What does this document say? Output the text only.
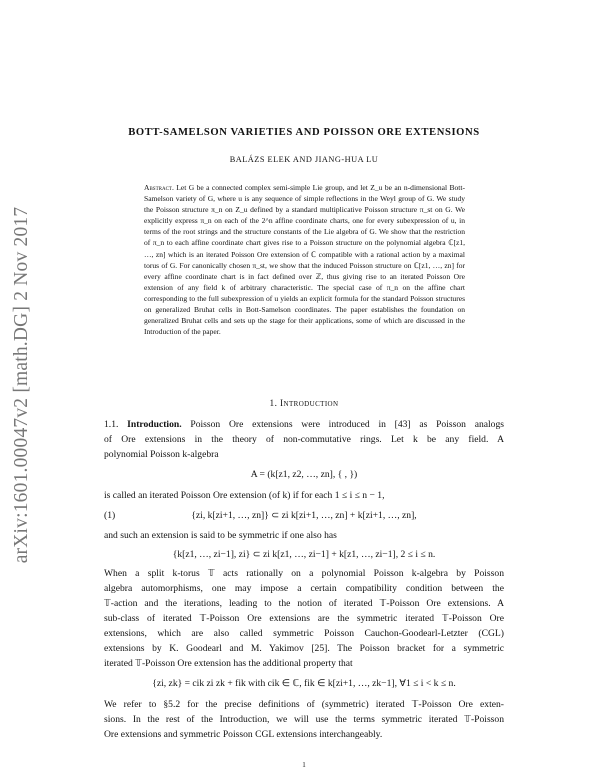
arXiv:1601.00047v2 [math.DG] 2 Nov 2017
BOTT-SAMELSON VARIETIES AND POISSON ORE EXTENSIONS
BALÁZS ELEK AND JIANG-HUA LU
Abstract. Let G be a connected complex semi-simple Lie group, and let Z_u be an n-dimensional Bott-Samelson variety of G, where u is any sequence of simple reflections in the Weyl group of G. We study the Poisson structure π_n on Z_u defined by a standard multiplicative Poisson structure π_st on G. We explicitly express π_n on each of the 2^n affine coordinate charts, one for every subexpression of u, in terms of the root strings and the structure constants of the Lie algebra of G. We show that the restriction of π_n to each affine coordinate chart gives rise to a Poisson structure on the polynomial algebra ℂ[z1, …, zn] which is an iterated Poisson Ore extension of ℂ compatible with a rational action by a maximal torus of G. For canonically chosen π_st, we show that the induced Poisson structure on ℂ[z1, …, zn] for every affine coordinate chart is in fact defined over ℤ, thus giving rise to an iterated Poisson Ore extension of any field k of arbitrary characteristic. The special case of π_n on the affine chart corresponding to the full subexpression of u yields an explicit formula for the standard Poisson structures on generalized Bruhat cells in Bott-Samelson coordinates. The paper establishes the foundation on generalized Bruhat cells and sets up the stage for their applications, some of which are discussed in the Introduction of the paper.
1. Introduction
1.1. Introduction. Poisson Ore extensions were introduced in [43] as Poisson analogs
of Ore extensions in the theory of non-commutative rings. Let k be any field. A
polynomial Poisson k-algebra
A = (k[z1, z2, …, zn], { , })
is called an iterated Poisson Ore extension (of k) if for each 1 ≤ i ≤ n − 1,
(1)	{zi, k[zi+1, …, zn]} ⊂ zi k[zi+1, …, zn] + k[zi+1, …, zn],
and such an extension is said to be symmetric if one also has
{k[z1, …, zi−1], zi} ⊂ zi k[z1, …, zi−1] + k[z1, …, zi−1], 2 ≤ i ≤ n.
When a split k-torus 𝕋 acts rationally on a polynomial Poisson k-algebra by Poisson
algebra automorphisms, one may impose a certain compatibility condition between the
𝕋-action and the iterations, leading to the notion of iterated 𝕋-Poisson Ore extensions. A
sub-class of iterated 𝕋-Poisson Ore extensions are the symmetric iterated 𝕋-Poisson Ore
extensions, which are also called symmetric Poisson Cauchon-Goodearl-Letzter (CGL)
extensions by K. Goodearl and M. Yakimov [25]. The Poisson bracket for a symmetric
iterated 𝕋-Poisson Ore extension has the additional property that
{zi, zk} = cik zi zk + fik with cik ∈ ℂ, fik ∈ k[zi+1, …, zk−1], ∀1 ≤ i < k ≤ n.
We refer to §5.2 for the precise definitions of (symmetric) iterated 𝕋-Poisson Ore exten-
sions. In the rest of the Introduction, we will use the terms symmetric iterated 𝕋-Poisson
Ore extensions and symmetric Poisson CGL extensions interchangeably.
1
